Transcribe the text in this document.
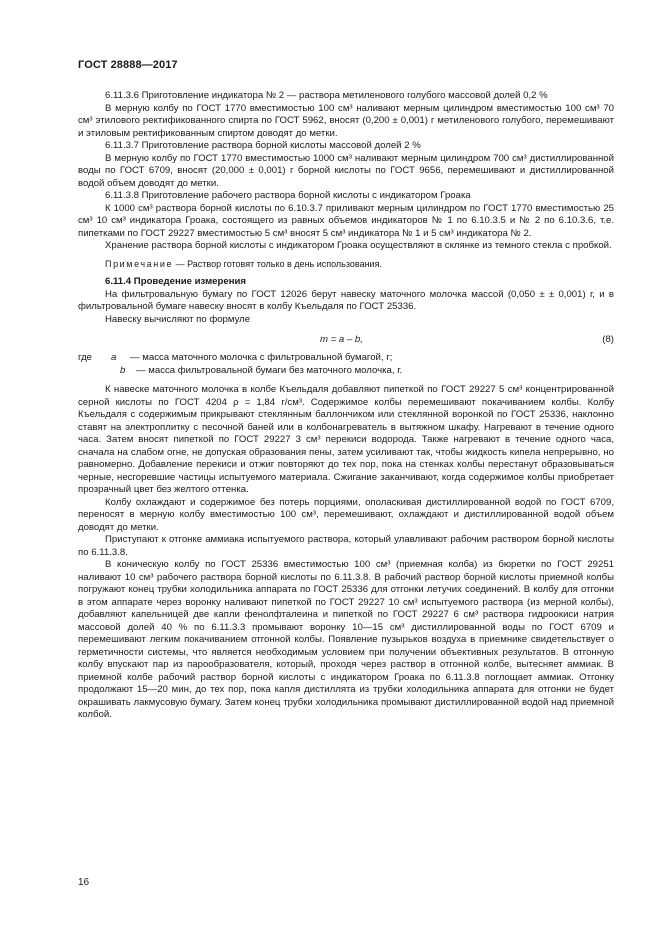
ГОСТ 28888—2017

6.11.3.6 Приготовление индикатора № 2 — раствора метиленового голубого массовой долей 0,2 %

В мерную колбу по ГОСТ 1770 вместимостью 100 см³ наливают мерным цилиндром вместимостью 100 см³ 70 см³ этилового ректификованного спирта по ГОСТ 5962, вносят (0,200 ± 0,001) г метиленового голубого, перемешивают и этиловым ректификованным спиртом доводят до метки.

6.11.3.7 Приготовление раствора борной кислоты массовой долей 2 %

В мерную колбу по ГОСТ 1770 вместимостью 1000 см³ наливают мерным цилиндром 700 см³ дистиллированной воды по ГОСТ 6709, вносят (20,000 ± 0,001) г борной кислоты по ГОСТ 9656, перемешивают и дистиллированной водой объем доводят до метки.

6.11.3.8 Приготовление рабочего раствора борной кислоты с индикатором Гроака

К 1000 см³ раствора борной кислоты по 6.10.3.7 приливают мерным цилиндром по ГОСТ 1770 вместимостью 25 см³ 10 см³ индикатора Гроака, состоящего из равных объемов индикаторов № 1 по 6.10.3.5 и № 2 по 6.10.3.6, т.е. пипетками по ГОСТ 29227 вместимостью 5 см³ вносят 5 см³ индикатора № 1 и 5 см³ индикатора № 2.

Хранение раствора борной кислоты с индикатором Гроака осуществляют в склянке из темного стекла с пробкой.

Примечание — Раствор готовят только в день использования.

6.11.4 Проведение измерения

На фильтровальную бумагу по ГОСТ 12026 берут навеску маточного молочка массой (0,050 ± ± 0,001) г, и в фильтровальной бумаге навеску вносят в колбу Къельдаля по ГОСТ 25336.

Навеску вычисляют по формуле

m = a – b,	(8)
где a — масса маточного молочка с фильтровальной бумагой, г;
b — масса фильтровальной бумаги без маточного молочка, г.

К навеске маточного молочка в колбе Къельдаля добавляют пипеткой по ГОСТ 29227 5 см³ концентрированной серной кислоты по ГОСТ 4204 ρ = 1,84 г/см³. Содержимое колбы перемешивают покачиванием колбы. Колбу Къельдаля с содержимым прикрывают стеклянным баллончиком или стеклянной воронкой по ГОСТ 25336, наклонно ставят на электроплитку с песочной баней или в колбонагреватель в вытяжном шкафу. Нагревают в течение одного часа. Затем вносят пипеткой по ГОСТ 29227 3 см³ перекиси водорода. Также нагревают в течение одного часа, сначала на слабом огне, не допуская образования пены, затем усиливают так, чтобы жидкость кипела непрерывно, но равномерно. Добавление перекиси и отжиг повторяют до тех пор, пока на стенках колбы перестанут образовываться черные, несгоревшие частицы испытуемого материала. Сжигание заканчивают, когда содержимое колбы приобретает прозрачный цвет без желтого оттенка.

Колбу охлаждают и содержимое без потерь порциями, ополаскивая дистиллированной водой по ГОСТ 6709, переносят в мерную колбу вместимостью 100 см³, перемешивают, охлаждают и дистиллированной водой объем доводят до метки.

Приступают к отгонке аммиака испытуемого раствора, который улавливают рабочим раствором борной кислоты по 6.11.3.8.

В коническую колбу по ГОСТ 25336 вместимостью 100 см³ (приемная колба) из бюретки по ГОСТ 29251 наливают 10 см³ рабочего раствора борной кислоты по 6.11.3.8. В рабочий раствор борной кислоты приемной колбы погружают конец трубки холодильника аппарата по ГОСТ 25336 для отгонки летучих соединений. В колбу для отгонки в этом аппарате через воронку наливают пипеткой по ГОСТ 29227 10 см³ испытуемого раствора (из мерной колбы), добавляют капельницей две капли фенолфталеина и пипеткой по ГОСТ 29227 6 см³ раствора гидроокиси натрия массовой долей 40 % по 6.11.3.3 промывают воронку 10—15 см³ дистиллированной воды по ГОСТ 6709 и перемешивают легким покачиванием отгонной колбы. Появление пузырьков воздуха в приемнике свидетельствует о герметичности системы, что является необходимым условием при получении объективных результатов. В отгонную колбу впускают пар из парообразователя, который, проходя через раствор в отгонной колбе, вытесняет аммиак. В приемной колбе рабочий раствор борной кислоты с индикатором Гроака по 6.11.3.8 поглощает аммиак. Отгонку продолжают 15—20 мин, до тех пор, пока капля дистиллята из трубки холодильника аппарата для отгонки не будет окрашивать лакмусовую бумагу. Затем конец трубки холодильника промывают дистиллированной водой над приемной колбой.

16
